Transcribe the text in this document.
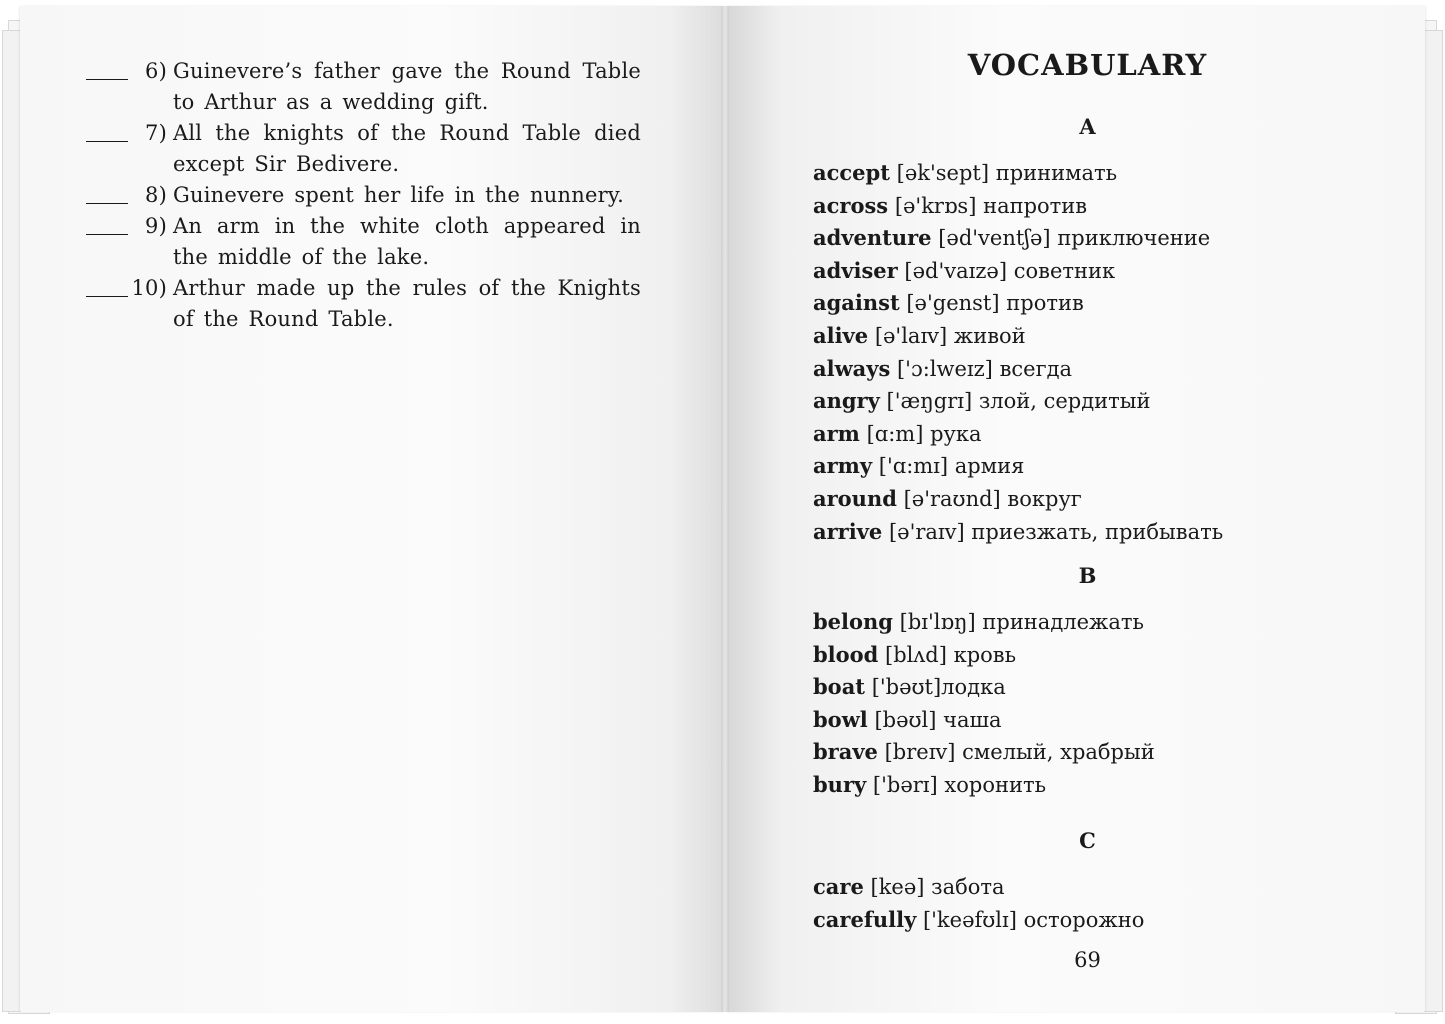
6) Guinevere’s father gave the Round Table to Arthur as a wedding gift.
7) All the knights of the Round Table died except Sir Bedivere.
8) Guinevere spent her life in the nunnery.
9) An arm in the white cloth appeared in the middle of the lake.
10) Arthur made up the rules of the Knights of the Round Table.
VOCABULARY
A
accept [ək'sept] принимать
across [ə'krɒs] напротив
adventure [əd'ventʃə] приключение
adviser [əd'vaɪzə] советник
against [ə'genst] против
alive [ə'laɪv] живой
always ['ɔ:lweɪz] всегда
angry ['æŋgrɪ] злой, сердитый
arm [ɑ:m] рука
army ['ɑ:mɪ] армия
around [ə'raʊnd] вокруг
arrive [ə'raɪv] приезжать, прибывать
B
belong [bɪ'lɒŋ] принадлежать
blood [blʌd] кровь
boat ['bəʊt]лодка
bowl [bəʊl] чаша
brave [breɪv] смелый, храбрый
bury ['bərɪ] хоронить
C
care [keə] забота
carefully ['keəfʊlɪ] осторожно
69
